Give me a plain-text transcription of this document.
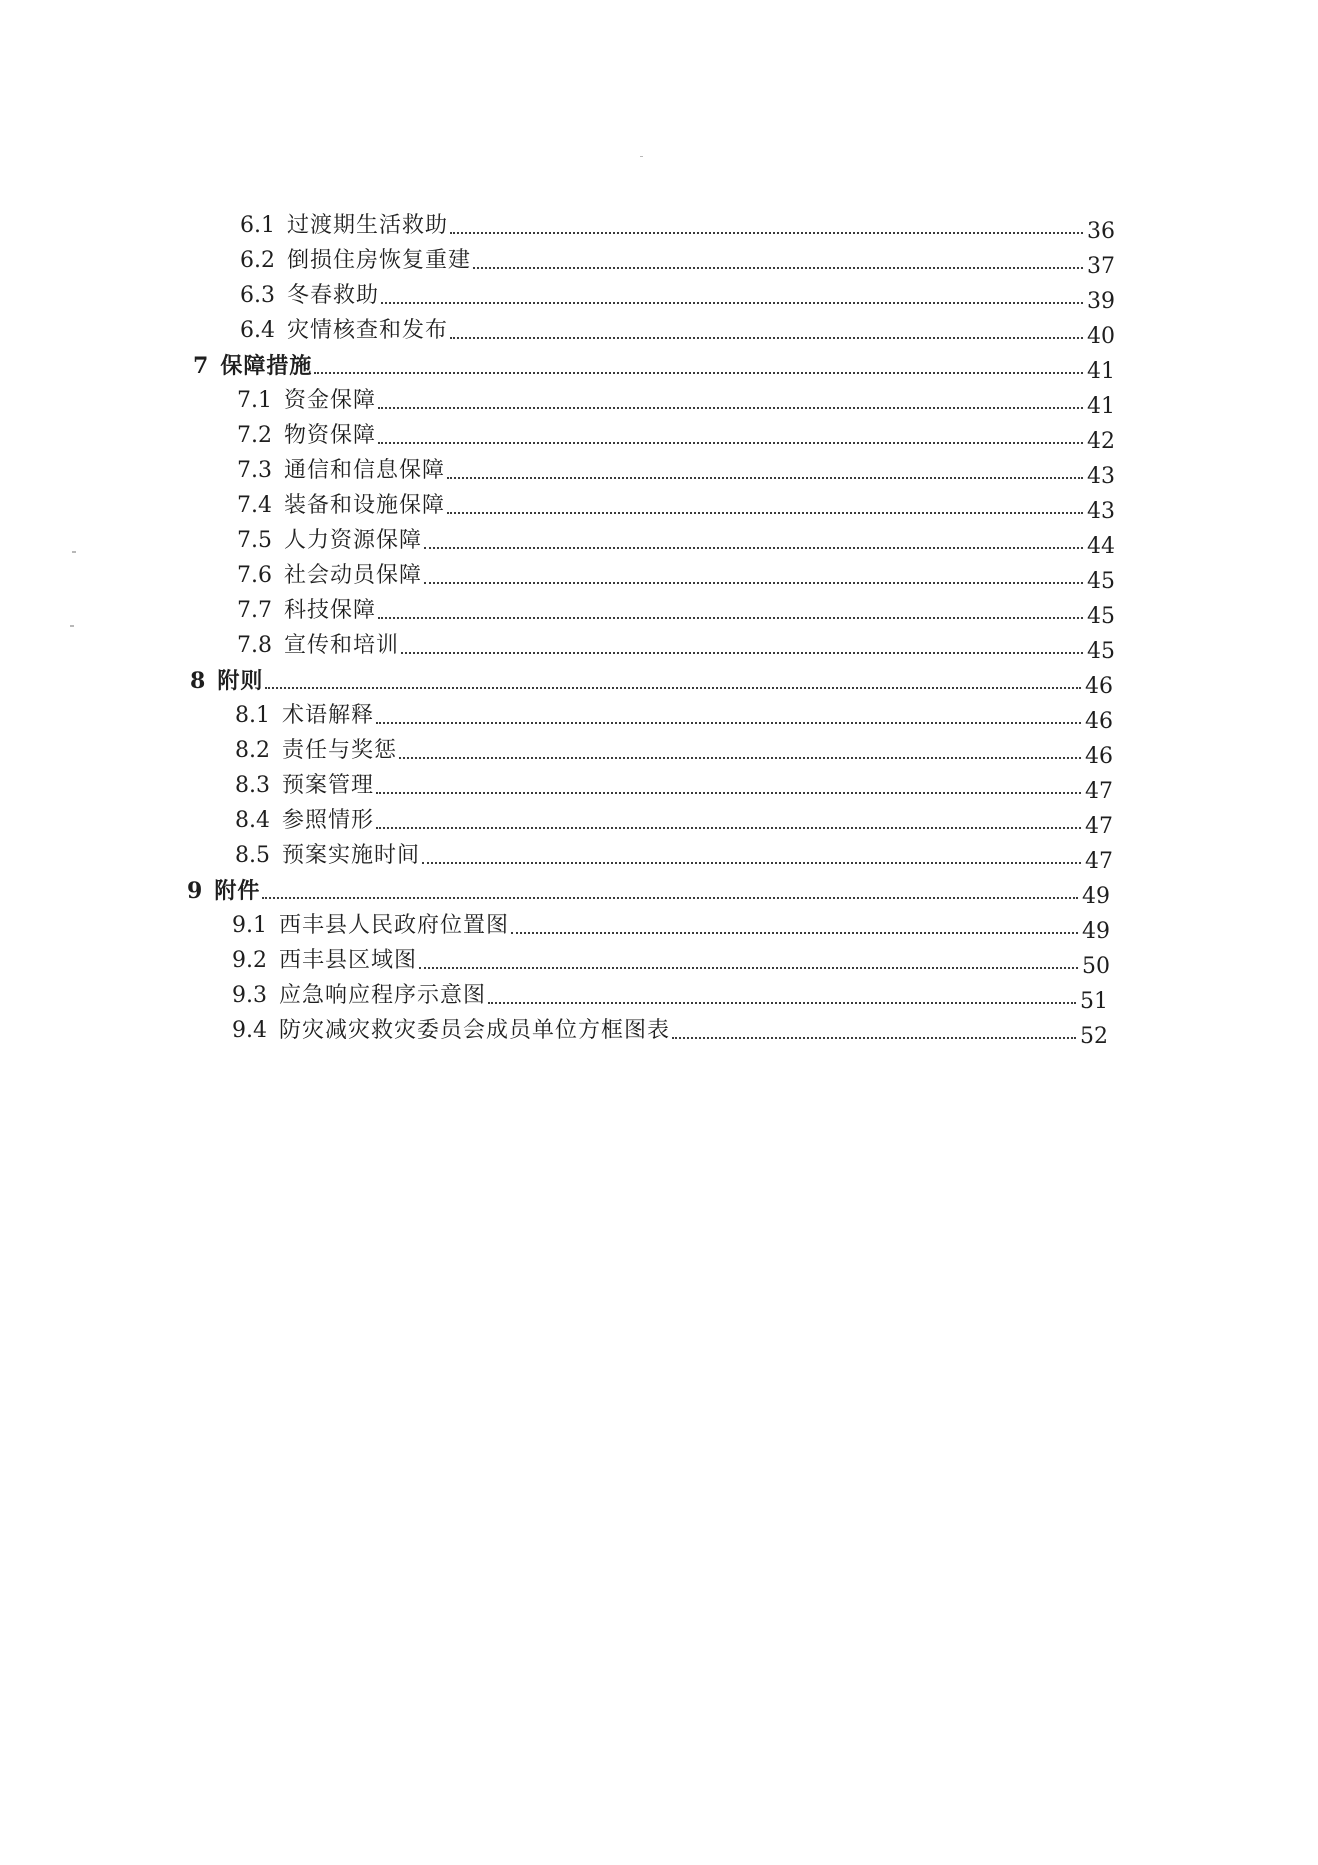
6.1 过渡期生活救助	36
6.2 倒损住房恢复重建	37
6.3 冬春救助	39
6.4 灾情核查和发布	40
7 保障措施	41
7.1 资金保障	41
7.2 物资保障	42
7.3 通信和信息保障	43
7.4 装备和设施保障	43
7.5 人力资源保障	44
7.6 社会动员保障	45
7.7 科技保障	45
7.8 宣传和培训	45
8 附则	46
8.1 术语解释	46
8.2 责任与奖惩	46
8.3 预案管理	47
8.4 参照情形	47
8.5 预案实施时间	47
9 附件	49
9.1 西丰县人民政府位置图	49
9.2 西丰县区域图	50
9.3 应急响应程序示意图	51
9.4 防灾减灾救灾委员会成员单位方框图表	52
